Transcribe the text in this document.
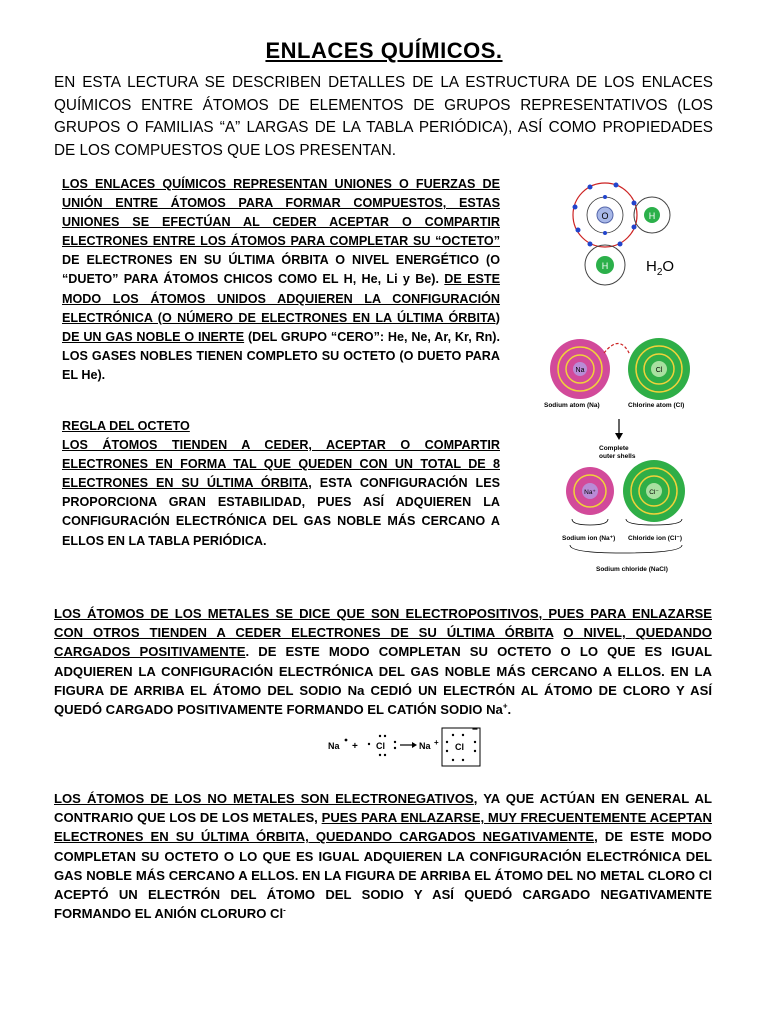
ENLACES QUÍMICOS.
EN ESTA LECTURA SE DESCRIBEN DETALLES DE LA ESTRUCTURA DE LOS ENLACES QUÍMICOS ENTRE ÁTOMOS DE ELEMENTOS DE GRUPOS REPRESENTATIVOS (LOS GRUPOS O FAMILIAS “A” LARGAS DE LA TABLA PERIÓDICA), ASÍ COMO PROPIEDADES DE LOS COMPUESTOS QUE LOS PRESENTAN.
LOS ENLACES QUÍMICOS REPRESENTAN UNIONES O FUERZAS DE UNIÓN ENTRE ÁTOMOS PARA FORMAR COMPUESTOS, ESTAS UNIONES SE EFECTÚAN AL CEDER ACEPTAR O COMPARTIR ELECTRONES ENTRE LOS ÁTOMOS PARA COMPLETAR SU “OCTETO” DE ELECTRONES EN SU ÚLTIMA ÓRBITA O NIVEL ENERGÉTICO (O “DUETO” PARA ÁTOMOS CHICOS COMO EL H, He, Li y Be). DE ESTE MODO LOS ÁTOMOS UNIDOS ADQUIEREN LA CONFIGURACIÓN ELECTRÓNICA (O NÚMERO DE ELECTRONES EN LA ÚLTIMA ÓRBITA) DE UN GAS NOBLE O INERTE (DEL GRUPO “CERO”: He, Ne, Ar, Kr, Rn). LOS GASES NOBLES TIENEN COMPLETO SU OCTETO (O DUETO PARA EL He).
REGLA DEL OCTETO
LOS ÁTOMOS TIENDEN A CEDER, ACEPTAR O COMPARTIR ELECTRONES EN FORMA TAL QUE QUEDEN CON UN TOTAL DE 8 ELECTRONES EN SU ÚLTIMA ÓRBITA, ESTA CONFIGURACIÓN LES PROPORCIONA GRAN ESTABILIDAD, PUES ASÍ ADQUIEREN LA CONFIGURACIÓN ELECTRÓNICA DEL GAS NOBLE MÁS CERCANO A ELLOS EN LA TABLA PERIÓDICA.
LOS ÁTOMOS DE LOS METALES SE DICE QUE SON ELECTROPOSITIVOS, PUES PARA ENLAZARSE CON OTROS TIENDEN A CEDER ELECTRONES DE SU ÚLTIMA ÓRBITA O NIVEL, QUEDANDO CARGADOS POSITIVAMENTE. DE ESTE MODO COMPLETAN SU OCTETO O LO QUE ES IGUAL ADQUIEREN LA CONFIGURACIÓN ELECTRÓNICA DEL GAS NOBLE MÁS CERCANO A ELLOS. EN LA FIGURA DE ARRIBA EL ÁTOMO DEL SODIO Na CEDIÓ UN ELECTRÓN AL ÁTOMO DE CLORO Y ASÍ QUEDÓ CARGADO POSITIVAMENTE FORMANDO EL CATIÓN SODIO Na+.
LOS ÁTOMOS DE LOS NO METALES SON ELECTRONEGATIVOS, YA QUE ACTÚAN EN GENERAL AL CONTRARIO QUE LOS DE LOS METALES, PUES PARA ENLAZARSE, MUY FRECUENTEMENTE ACEPTAN ELECTRONES EN SU ÚLTIMA ÓRBITA, QUEDANDO CARGADOS NEGATIVAMENTE, DE ESTE MODO COMPLETAN SU OCTETO O LO QUE ES IGUAL ADQUIEREN LA CONFIGURACIÓN ELECTRÓNICA DEL GAS NOBLE MÁS CERCANO A ELLOS. EN LA FIGURA DE ARRIBA EL ÁTOMO DEL NO METAL CLORO Cl ACEPTÓ UN ELECTRÓN DEL ÁTOMO DEL SODIO Y ASÍ QUEDÓ CARGADO NEGATIVAMENTE FORMANDO EL ANIÓN CLORURO Cl-
O	H
H	$H_2O$
Na	Cl
Sodium atom (Na)	Chlorine atom (Cl)
Complete
outer shells
Na⁺	Cl⁻
Sodium ion (Na⁺) Chloride ion (Cl⁻)
Sodium chloride (NaCl)
Na + Cl	Na + Cl
−
